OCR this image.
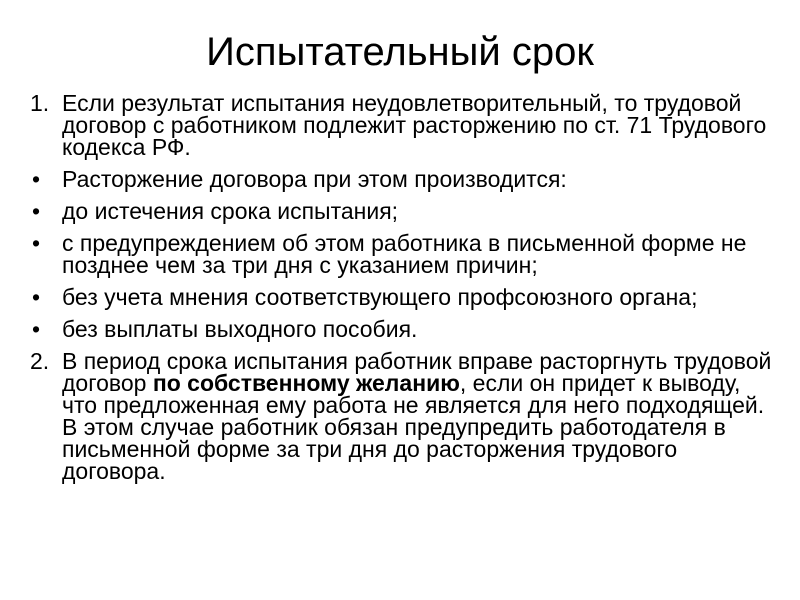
Испытательный срок
1. Если результат испытания неудовлетворительный, то трудовой договор с работником подлежит расторжению по ст. 71 Трудового кодекса РФ.
• Расторжение договора при этом производится:
• до истечения срока испытания;
• с предупреждением об этом работника в письменной форме не позднее чем за три дня с указанием причин;
• без учета мнения соответствующего профсоюзного органа;
• без выплаты выходного пособия.
2. В период срока испытания работник вправе расторгнуть трудовой договор по собственному желанию, если он придет к выводу, что предложенная ему работа не является для него подходящей. В этом случае работник обязан предупредить работодателя в письменной форме за три дня до расторжения трудового договора.
